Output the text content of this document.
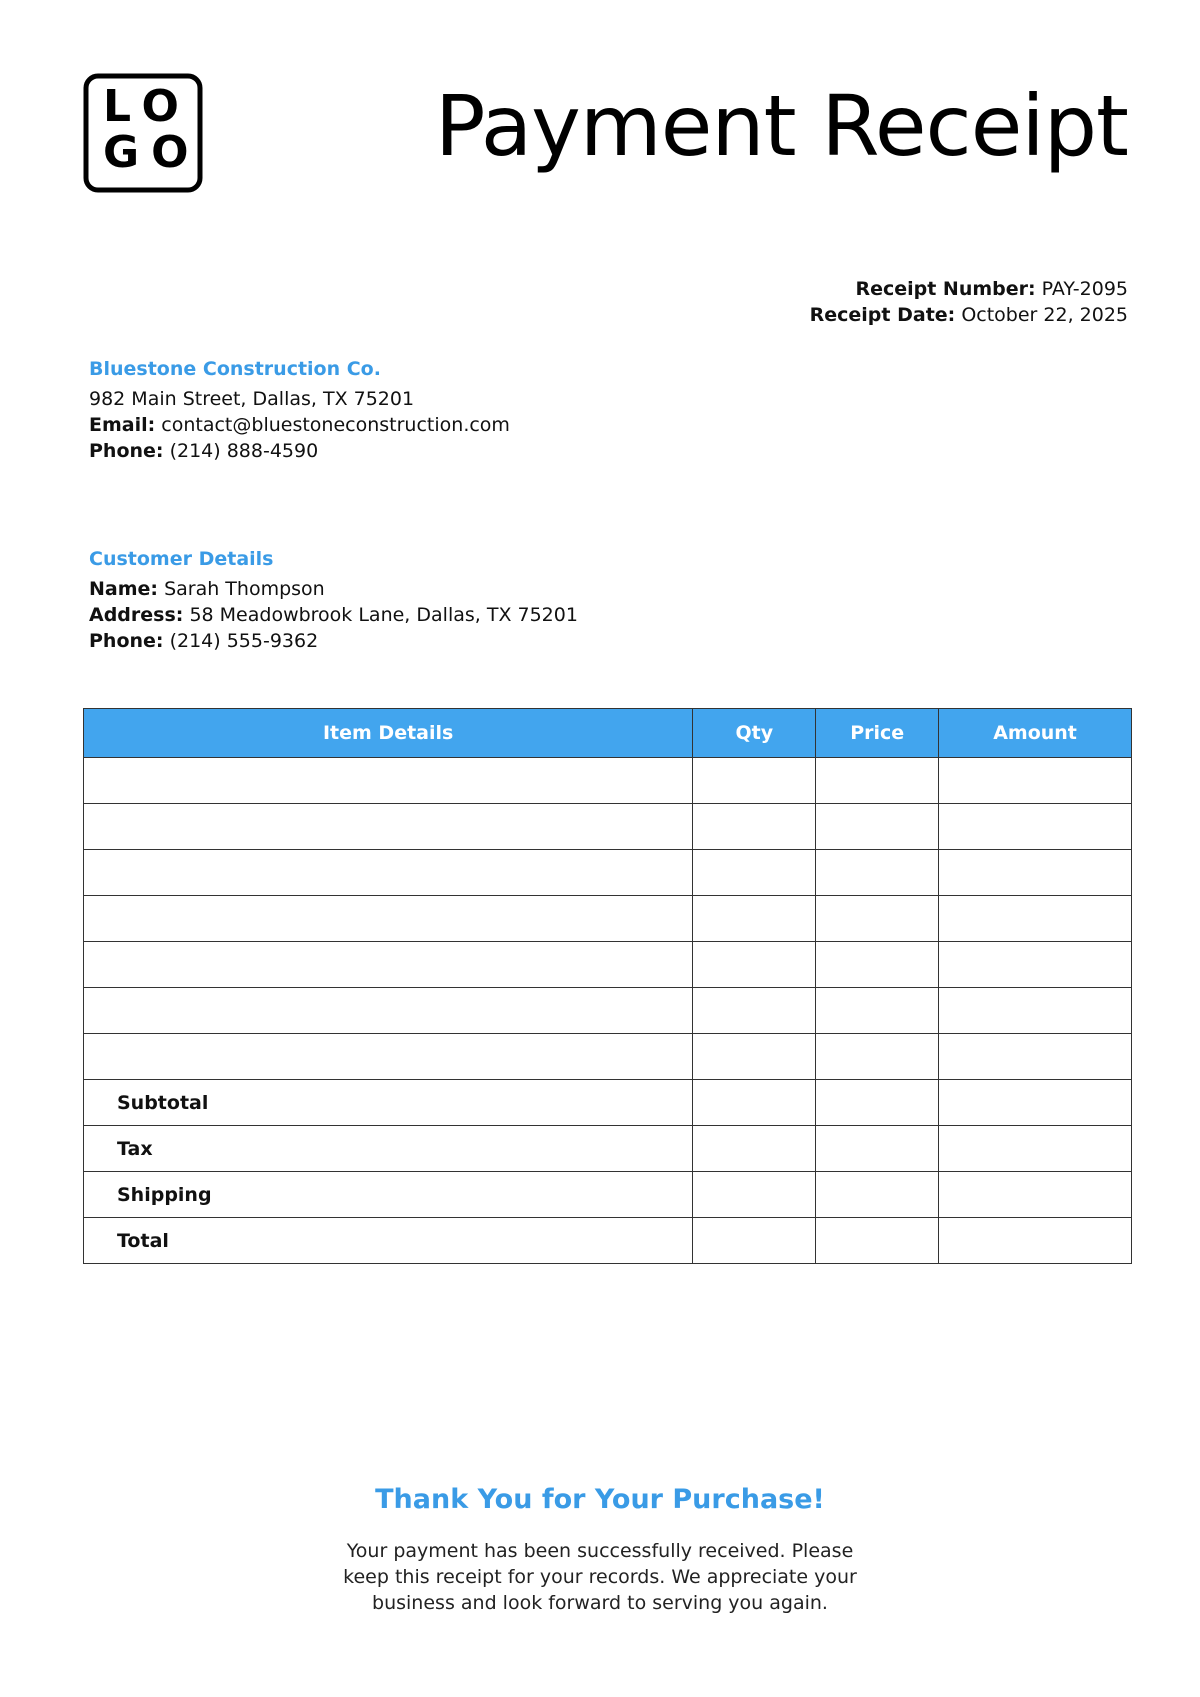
LO
GO	Payment Receipt
Receipt Number: PAY-2095
Receipt Date: October 22, 2025
Bluestone Construction Co.
982 Main Street, Dallas, TX 75201
Email: contact@bluestoneconstruction.com
Phone: (214) 888-4590
Customer Details
Name: Sarah Thompson
Address: 58 Meadowbrook Lane, Dallas, TX 75201
Phone: (214) 555-9362
Item Details	Qty	Price	Amount

Subtotal			
Tax			
Shipping			
Total			
Thank You for Your Purchase!
Your payment has been successfully received. Please keep this receipt for your records. We appreciate your business and look forward to serving you again.
